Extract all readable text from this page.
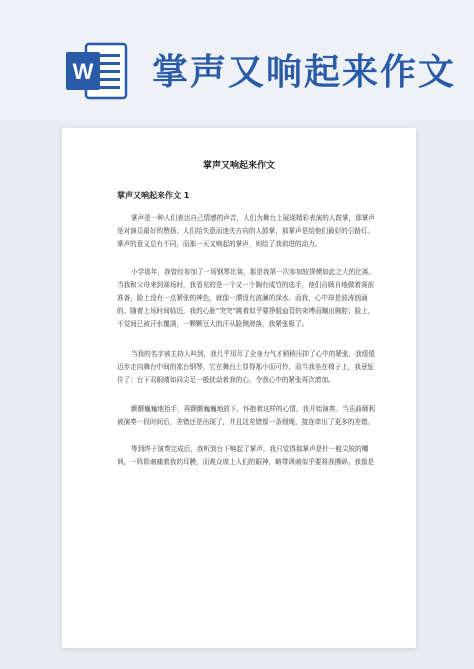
W 掌声又响起来作文
掌声又响起来作文
掌声又响起来作文 1
掌声是一种人们表达自己情感的声音，人们为舞台上展现精彩表演的人鼓掌，那掌声是对演员最好的赞扬；人们给失意而迷失方向的人鼓掌，那掌声是给他们最好的引路灯。掌声的意义总有不同，而那一天又响起的掌声，则给了我前进的动力。
小学那年，我曾经参加了一场钢琴比赛，那是我第一次参加较规模如此之大的比赛。当我和父母来到赛场时，我看见的是一个又一个胸有成竹的选手，他们自顾自地做着赛前准备，脸上没有一点紧张的神色，就像一潭没有波澜的深水。而我，心中却是波涛汹涌的。随着上场时间临近，我的心脏“突突”跳着似乎要挣脱血管的束缚而蹦出胸腔；脸上，不觉间已被汗水覆满，一颗颗豆大的汗从脸侧滑落，我紧张极了。
当我的名字被主持人叫到，我几乎用尽了全身力气才稍稍压抑了心中的紧张，我缓缓迈步走向舞台中间的那台钢琴，它在舞台上显得那小而可怜，而当我坐在椅子上，我竟怔住了：台下双眼睛如同尖足一般扰动着我的心，令我心中的紧张再次增加。
颤颤巍巍地抬手，再颤颤巍巍地放下，怀抱着这样的心情，我开始演奏。当乐曲顺利被演奏一段时间后，差错还是出现了，并且这差错像一条细绳，接连牵出了更多的差错。
等到终于演奏完成后，我听到台下响起了掌声，我只觉得那掌声是针一般尖锐的嘲讽，一阵阵刺痛着我的耳膜，而观众席上人们的眼神，略带讽刺似乎要将我撕碎。我像是
